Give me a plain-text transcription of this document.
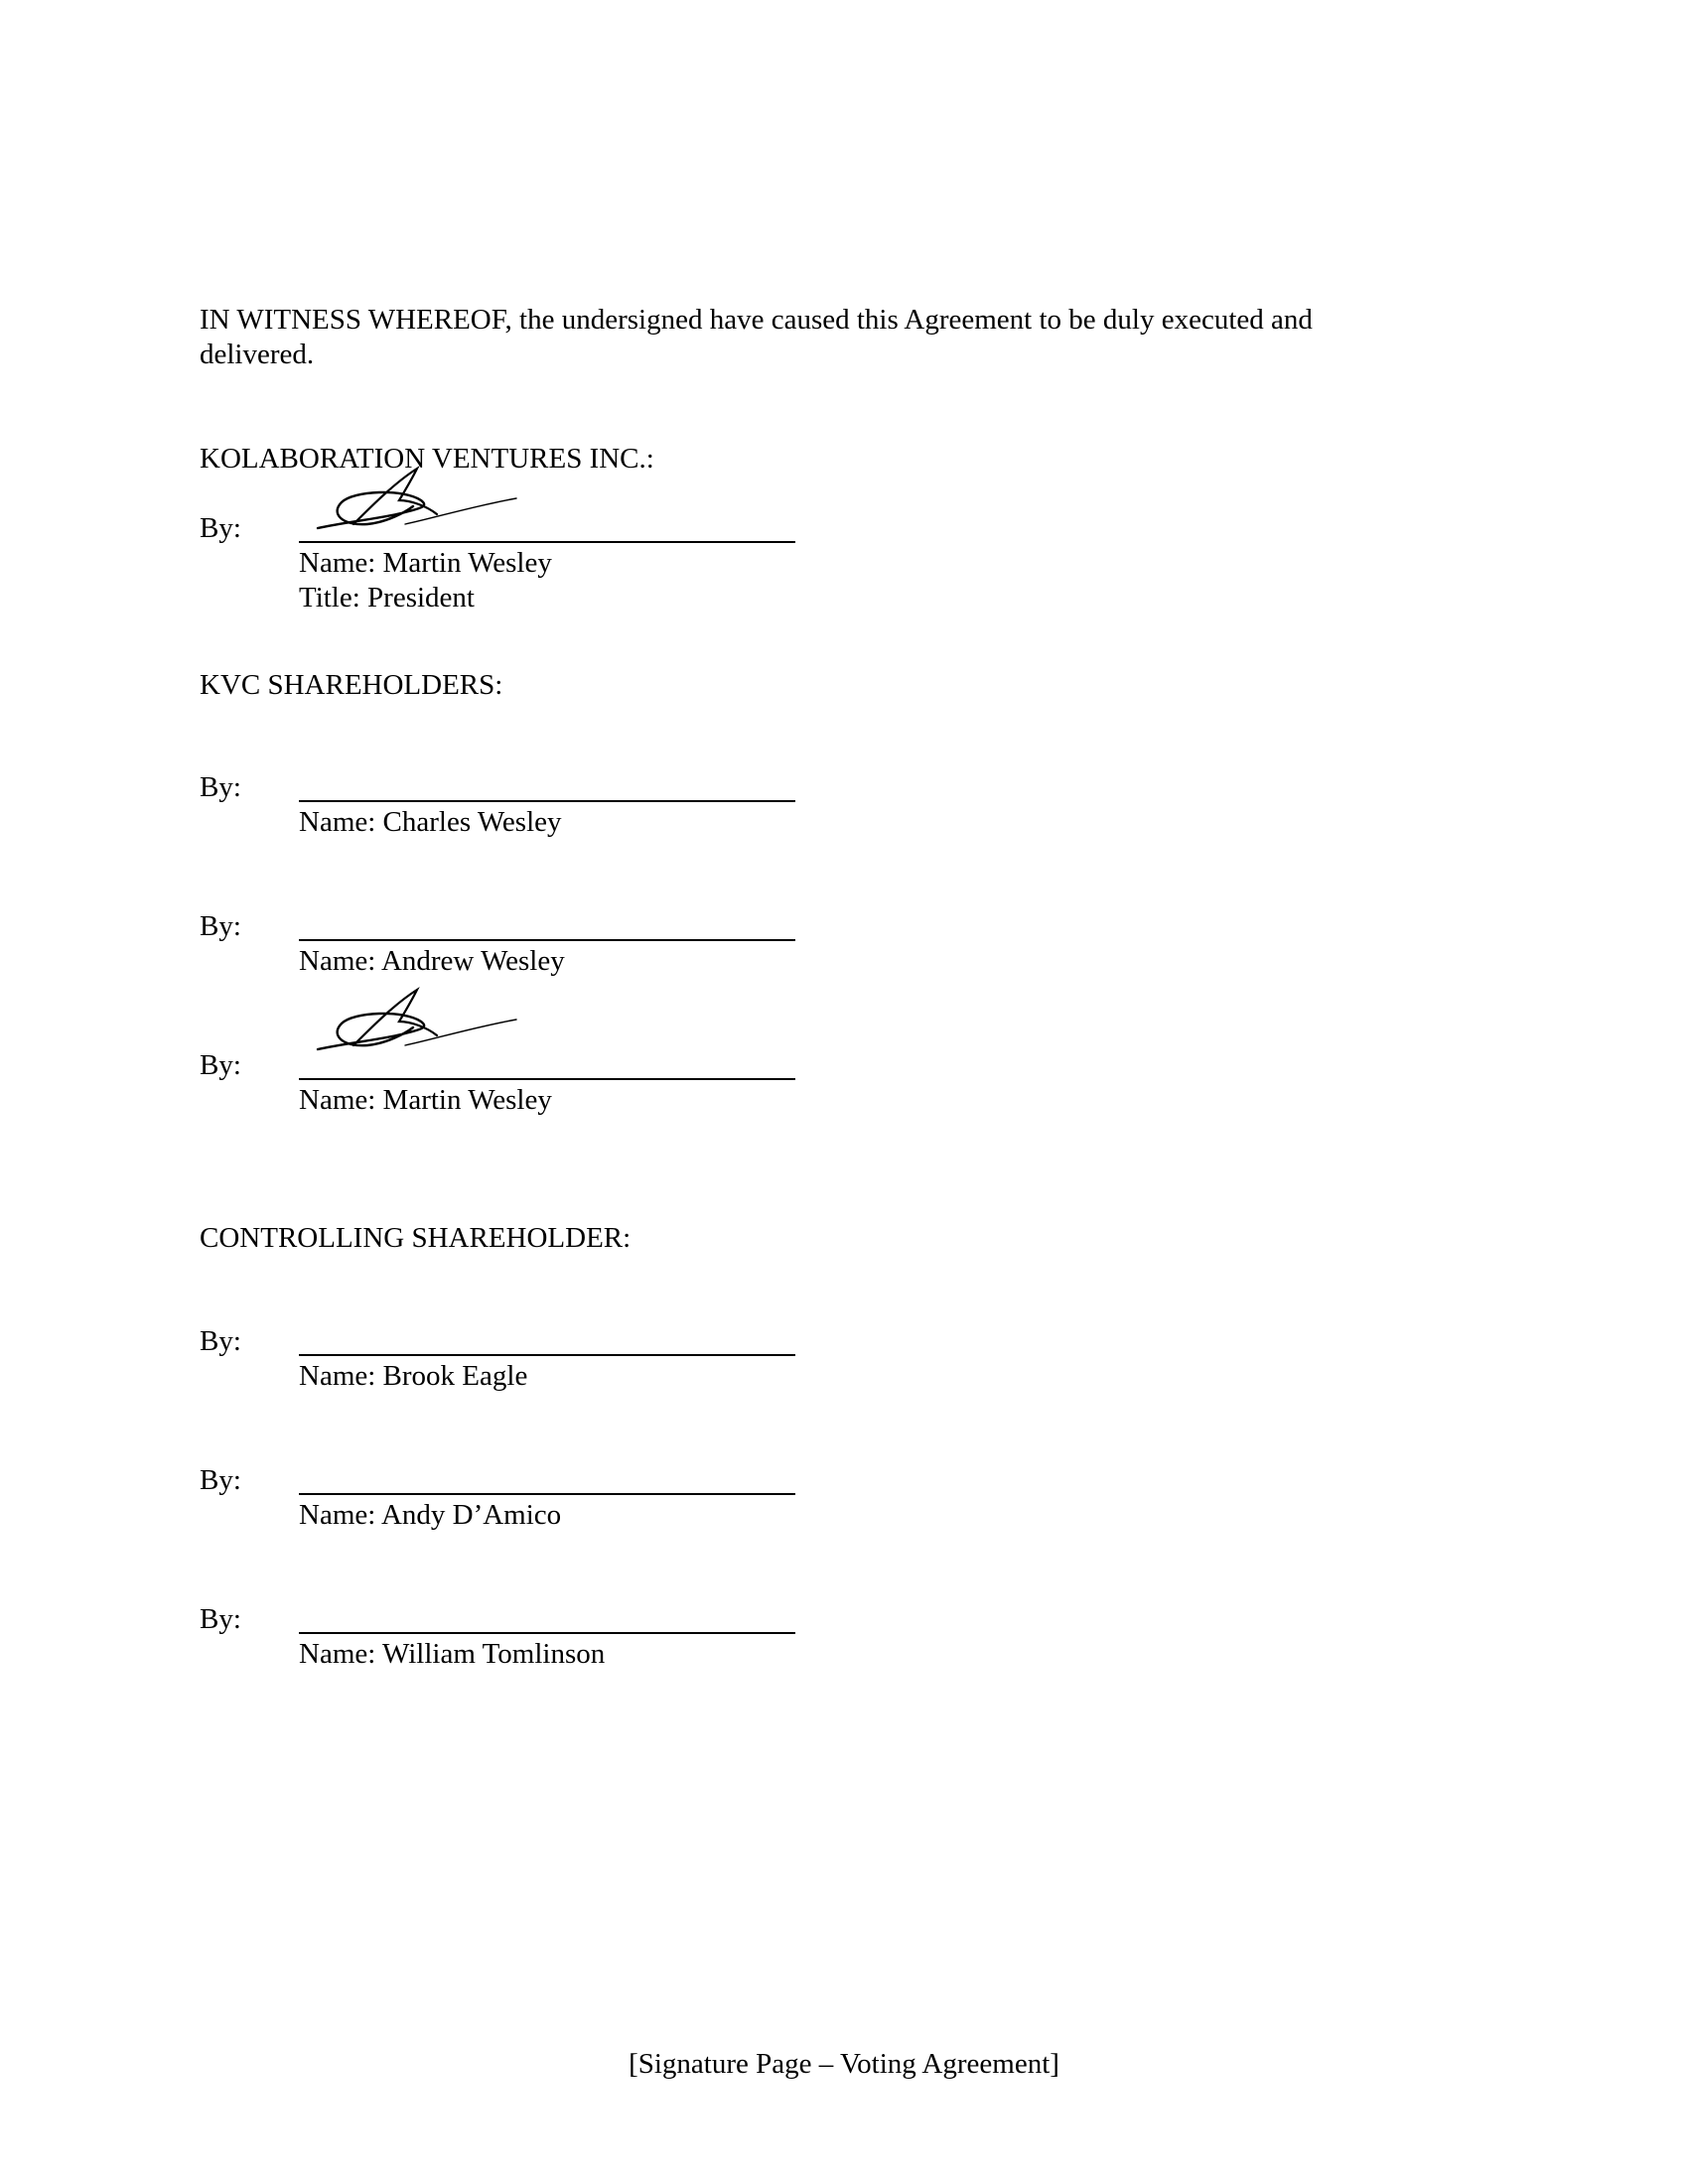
IN WITNESS WHEREOF, the undersigned have caused this Agreement to be duly executed and

delivered.

KOLABORATION VENTURES INC.:

By:

Name: Martin Wesley

Title: President

KVC SHAREHOLDERS:

By:

Name: Charles Wesley

By:

Name: Andrew Wesley

By:

Name: Martin Wesley

CONTROLLING SHAREHOLDER:

By:

Name: Brook Eagle

By:

Name: Andy D’Amico

By:

Name: William Tomlinson

[Signature Page – Voting Agreement]
